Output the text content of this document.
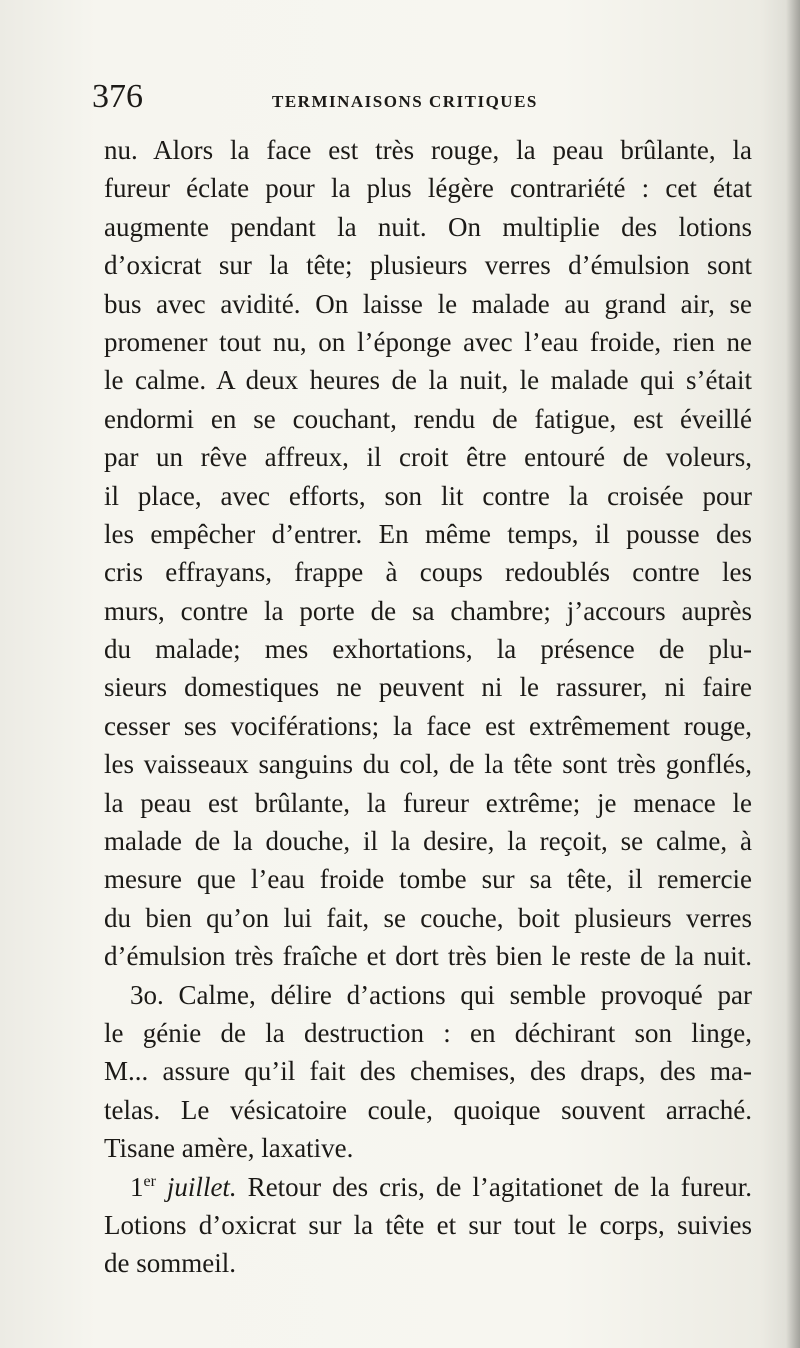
376	TERMINAISONS CRITIQUES
nu. Alors la face est très rouge, la peau brûlante, la
fureur éclate pour la plus légère contrariété : cet état
augmente pendant la nuit. On multiplie des lotions
d’oxicrat sur la tête; plusieurs verres d’émulsion sont
bus avec avidité. On laisse le malade au grand air, se
promener tout nu, on l’éponge avec l’eau froide, rien ne
le calme. A deux heures de la nuit, le malade qui s’était
endormi en se couchant, rendu de fatigue, est éveillé
par un rêve affreux, il croit être entouré de voleurs,
il place, avec efforts, son lit contre la croisée pour
les empêcher d’entrer. En même temps, il pousse des
cris effrayans, frappe à coups redoublés contre les
murs, contre la porte de sa chambre; j’accours auprès
du malade; mes exhortations, la présence de plu-
sieurs domestiques ne peuvent ni le rassurer, ni faire
cesser ses vociférations; la face est extrêmement rouge,
les vaisseaux sanguins du col, de la tête sont très gonflés,
la peau est brûlante, la fureur extrême; je menace le
malade de la douche, il la desire, la reçoit, se calme, à
mesure que l’eau froide tombe sur sa tête, il remercie
du bien qu’on lui fait, se couche, boit plusieurs verres
d’émulsion très fraîche et dort très bien le reste de la nuit.
3o. Calme, délire d’actions qui semble provoqué par
le génie de la destruction : en déchirant son linge,
M... assure qu’il fait des chemises, des draps, des ma-
telas. Le vésicatoire coule, quoique souvent arraché.
Tisane amère, laxative.
1er juillet. Retour des cris, de l’agitationet de la fureur.
Lotions d’oxicrat sur la tête et sur tout le corps, suivies
de sommeil.
